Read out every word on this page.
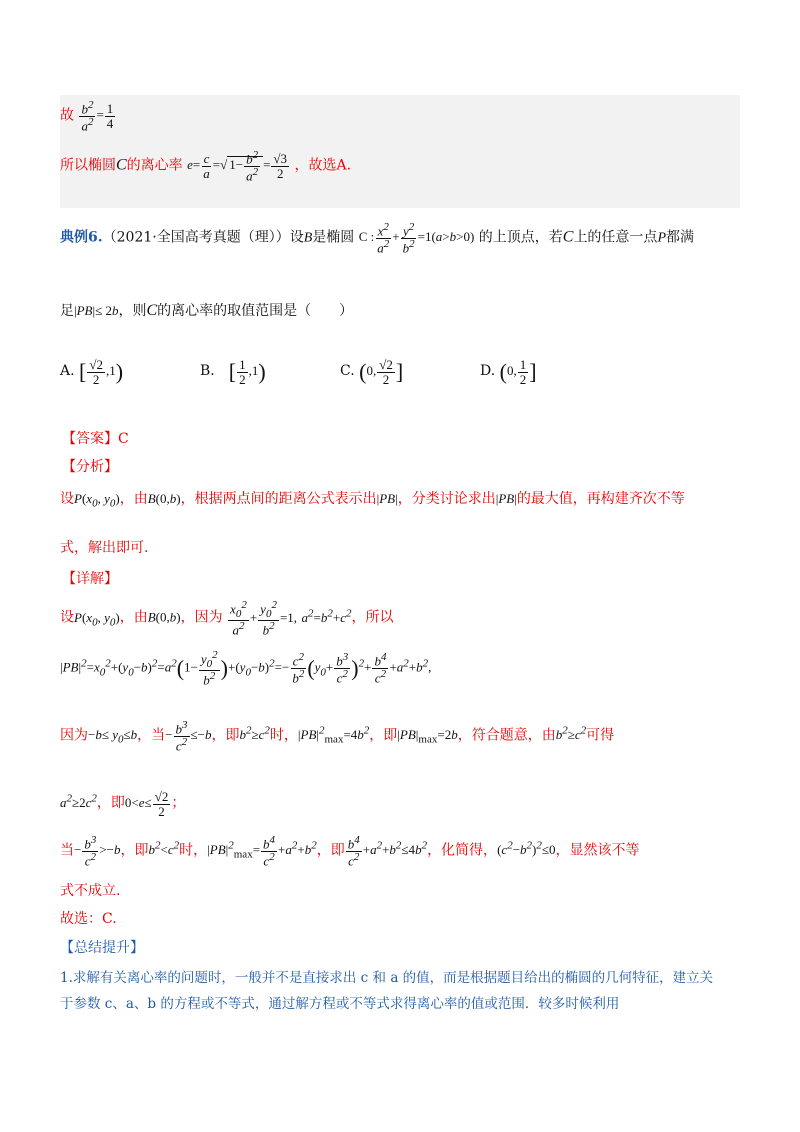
故 $\frac{b^2}{a^2} = \frac{1}{4}$
所以椭圆C的离心率 $e= \frac{c}{a}$ =√ $1- \frac{b^2}{a^2} = \frac{√3}{2}$ ，故选A.
典例6.（2021·全国高考真题（理））设B是椭圆 C : $\frac{x^2}{a^2} + \frac{y^2}{b^2} =1(a>b>0)$ 的上顶点，若C上的任意一点P都满
足|PB|≤ 2b，则C的离心率的取值范围是（　　）
A. [ $\frac{√2}{2} ,1$)	B． [ $\frac{1}{2} ,1$)	C. (0, $\frac{√2}{2}$ ]	D. (0, $\frac{1}{2}$ ]
【答案】C
【分析】
设$P(x_0$, $y_0$)，由B(0,b)，根据两点间的距离公式表示出|PB|，分类讨论求出|PB|的最大值，再构建齐次不等
式，解出即可.
【详解】
设$P(x_0$, $y_0$)，由B(0,b)，因为 $\frac{x_0^2}{a^2} + \frac{y_0^2}{b^2} =1$, $a^2=b^2+c^2$，所以
$|PB|^2=x_0^2+(y_0-b)^2=a^2(1- \frac{y_0^2}{b^2} )+(y_0-b)^2=- \frac{c^2}{b^2} (y_0+ \frac{b^3}{c^2} )^2+ \frac{b^4}{c^2} +a^2+b^2$,
因为$-b\le y_0\le b$，当− $\frac{b^3}{c^2} \le-b$，即$b^2\ge c^2$时，$|PB|^2_{max}=4b^2$，即$|PB|_{max}=2b$，符合题意，由$b^2\ge c^2$可得
$a^2\ge 2c^2$，即$0<e\le \frac{√2}{2}$ ；
当− $\frac{b^3}{c^2} >-b$，即$b^2<c^2$时，$|PB|^2_{max}= \frac{b^4}{c^2} +a^2+b^2$，即 $\frac{b^4}{c^2} +a^2+b^2\le 4b^2$，化简得，$(c^2-b^2)^2\le 0$，显然该不等
式不成立.
故选：C.
【总结提升】
1.求解有关离心率的问题时，一般并不是直接求出 c 和 a 的值，而是根据题目给出的椭圆的几何特征，建立关
于参数 c、a、b 的方程或不等式，通过解方程或不等式求得离心率的值或范围．较多时候利用
